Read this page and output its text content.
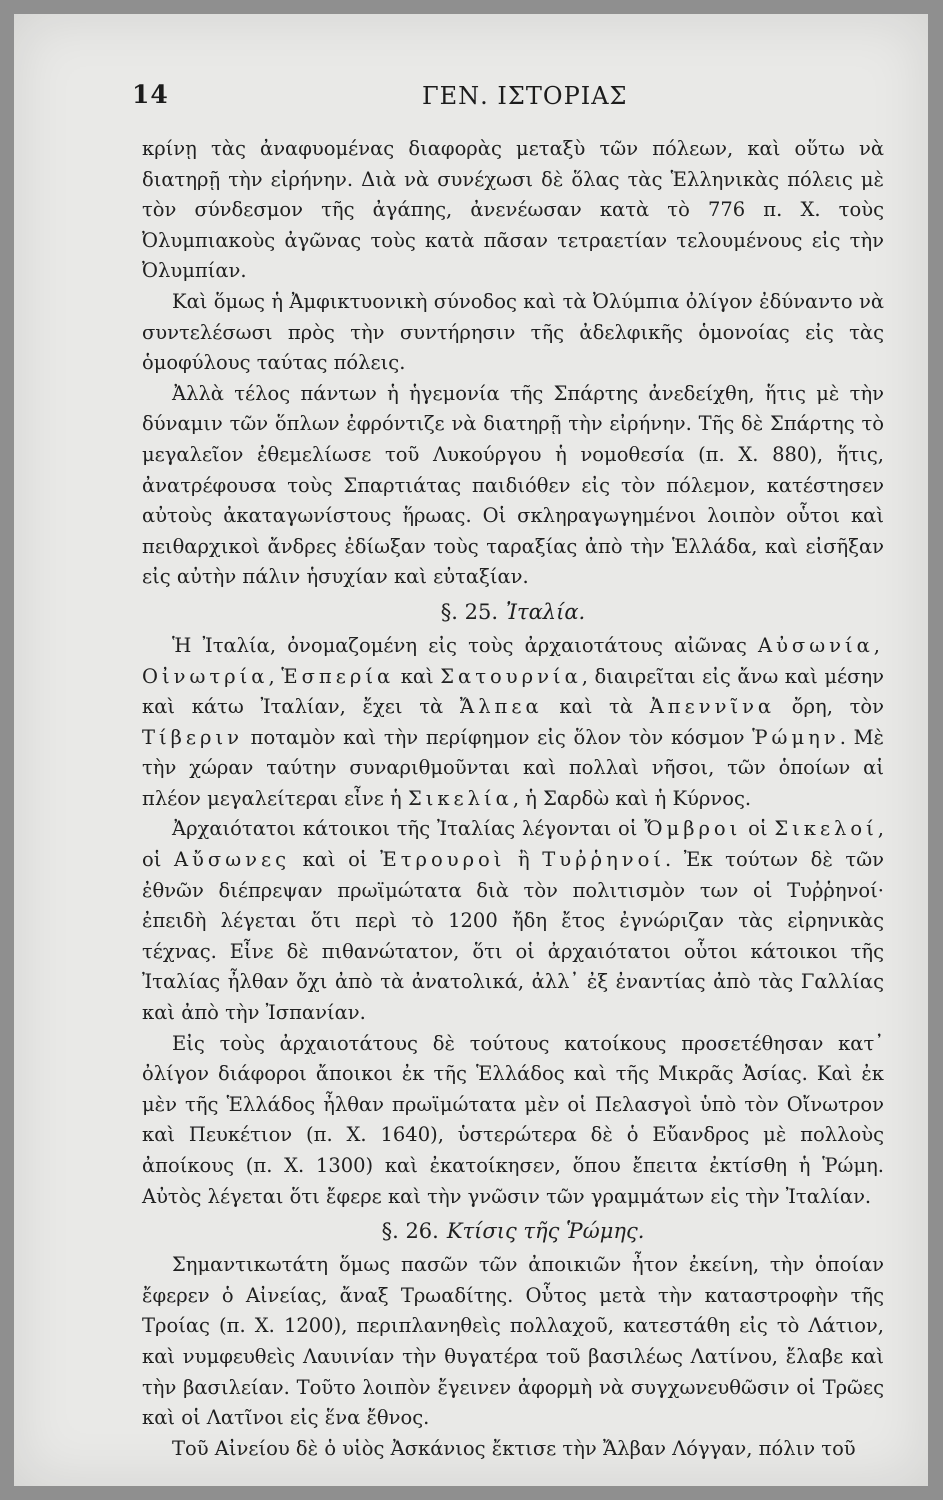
14	ΓΕΝ. ΙΣΤΟΡΙΑΣ

κρίνῃ τὰς ἀναφυομένας διαφορὰς μεταξὺ τῶν πόλεων, καὶ οὕτω νὰ διατηρῇ τὴν εἰρήνην. Διὰ νὰ συνέχωσι δὲ ὅλας τὰς Ἑλληνικὰς πόλεις μὲ τὸν σύνδεσμον τῆς ἀγάπης, ἀνενέωσαν κατὰ τὸ 776 π. Χ. τοὺς Ὀλυμπιακοὺς ἀγῶνας τοὺς κατὰ πᾶσαν τετραετίαν τελουμένους εἰς τὴν Ὀλυμπίαν.

Καὶ ὅμως ἡ Ἀμφικτυονικὴ σύνοδος καὶ τὰ Ὀλύμπια ὀλίγον ἐδύναντο νὰ συντελέσωσι πρὸς τὴν συντήρησιν τῆς ἀδελφικῆς ὁμονοίας εἰς τὰς ὁμοφύλους ταύτας πόλεις.

Ἀλλὰ τέλος πάντων ἡ ἡγεμονία τῆς Σπάρτης ἀνεδείχθη, ἥτις μὲ τὴν δύναμιν τῶν ὅπλων ἐφρόντιζε νὰ διατηρῇ τὴν εἰρήνην. Τῆς δὲ Σπάρτης τὸ μεγαλεῖον ἐθεμελίωσε τοῦ Λυκούργου ἡ νομοθεσία (π. Χ. 880), ἥτις, ἀνατρέφουσα τοὺς Σπαρτιάτας παιδιόθεν εἰς τὸν πόλεμον, κατέστησεν αὐτοὺς ἀκαταγωνίστους ἥρωας. Οἱ σκληραγωγημένοι λοιπὸν οὗτοι καὶ πειθαρχικοὶ ἄνδρες ἐδίωξαν τοὺς ταραξίας ἀπὸ τὴν Ἑλλάδα, καὶ εἰσῆξαν εἰς αὐτὴν πάλιν ἡσυχίαν καὶ εὐταξίαν.

§. 25. Ἰταλία.

Ἡ Ἰταλία, ὀνομαζομένη εἰς τοὺς ἀρχαιοτάτους αἰῶνας Αὐσωνία, Οἰνωτρία, Ἑσπερία καὶ Σατουρνία, διαιρεῖται εἰς ἄνω καὶ μέσην καὶ κάτω Ἰταλίαν, ἔχει τὰ Ἄλπεα καὶ τὰ Ἀπεννῖνα ὄρη, τὸν Τίβεριν ποταμὸν καὶ τὴν περίφημον εἰς ὅλον τὸν κόσμον Ῥώμην. Μὲ τὴν χώραν ταύτην συναριθμοῦνται καὶ πολλαὶ νῆσοι, τῶν ὁποίων αἱ πλέον μεγαλείτεραι εἶνε ἡ Σικελία, ἡ Σαρδὼ καὶ ἡ Κύρνος.

Ἀρχαιότατοι κάτοικοι τῆς Ἰταλίας λέγονται οἱ Ὄμβροι οἱ Σικελοί, οἱ Αὔσωνες καὶ οἱ Ἐτρουροὶ ἢ Τυῤῥηνοί. Ἐκ τούτων δὲ τῶν ἐθνῶν διέπρεψαν πρωϊμώτατα διὰ τὸν πολιτισμὸν των οἱ Τυῤῥηνοί· ἐπειδὴ λέγεται ὅτι περὶ τὸ 1200 ἤδη ἔτος ἐγνώριζαν τὰς εἰρηνικὰς τέχνας. Εἶνε δὲ πιθανώτατον, ὅτι οἱ ἀρχαιότατοι οὗτοι κάτοικοι τῆς Ἰταλίας ἦλθαν ὄχι ἀπὸ τὰ ἀνατολικά, ἀλλ᾽ ἐξ ἐναντίας ἀπὸ τὰς Γαλλίας καὶ ἀπὸ τὴν Ἰσπανίαν.

Εἰς τοὺς ἀρχαιοτάτους δὲ τούτους κατοίκους προσετέθησαν κατ᾽ ὀλίγον διάφοροι ἄποικοι ἐκ τῆς Ἑλλάδος καὶ τῆς Μικρᾶς Ἀσίας. Καὶ ἐκ μὲν τῆς Ἑλλάδος ἦλθαν πρωϊμώτατα μὲν οἱ Πελασγοὶ ὑπὸ τὸν Οἴνωτρον καὶ Πευκέτιον (π. Χ. 1640), ὑστερώτερα δὲ ὁ Εὔανδρος μὲ πολλοὺς ἀποίκους (π. Χ. 1300) καὶ ἐκατοίκησεν, ὅπου ἔπειτα ἐκτίσθη ἡ Ῥώμη. Αὐτὸς λέγεται ὅτι ἔφερε καὶ τὴν γνῶσιν τῶν γραμμάτων εἰς τὴν Ἰταλίαν.

§. 26. Κτίσις τῆς Ῥώμης.

Σημαντικωτάτη ὅμως πασῶν τῶν ἀποικιῶν ἦτον ἐκείνη, τὴν ὁποίαν ἔφερεν ὁ Αἰνείας, ἄναξ Τρωαδίτης. Οὗτος μετὰ τὴν καταστροφὴν τῆς Τροίας (π. Χ. 1200), περιπλανηθεὶς πολλαχοῦ, κατεστάθη εἰς τὸ Λάτιον, καὶ νυμφευθεὶς Λαυινίαν τὴν θυγατέρα τοῦ βασιλέως Λατίνου, ἔλαβε καὶ τὴν βασιλείαν. Τοῦτο λοιπὸν ἔγεινεν ἀφορμὴ νὰ συγχωνευθῶσιν οἱ Τρῶες καὶ οἱ Λατῖνοι εἰς ἕνα ἔθνος.

Τοῦ Αἰνείου δὲ ὁ υἱὸς Ἀσκάνιος ἔκτισε τὴν Ἄλβαν Λόγγαν, πόλιν τοῦ
